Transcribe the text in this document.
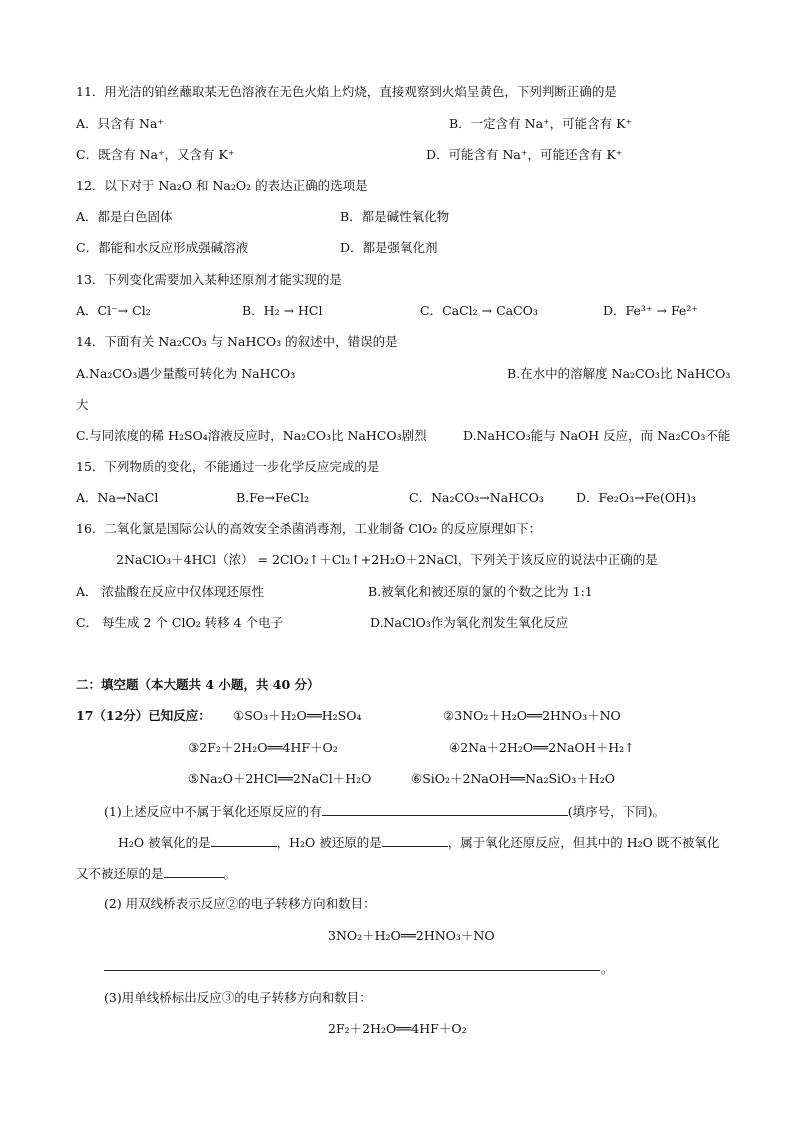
11．用光洁的铂丝蘸取某无色溶液在无色火焰上灼烧，直接观察到火焰呈黄色，下列判断正确的是
A．只含有 Na⁺	B．一定含有 Na⁺，可能含有 K⁺
C．既含有 Na⁺，又含有 K⁺	D．可能含有 Na⁺，可能还含有 K⁺
12．以下对于 Na₂O 和 Na₂O₂ 的表达正确的选项是
A．都是白色固体	B．都是碱性氧化物
C．都能和水反应形成强碱溶液	D．都是强氧化剂
13．下列变化需要加入某种还原剂才能实现的是
A．Cl⁻→ Cl₂	B．H₂ → HCl	C．CaCl₂ → CaCO₃	D．Fe³⁺ → Fe²⁺
14．下面有关 Na₂CO₃ 与 NaHCO₃ 的叙述中，错误的是
A.Na₂CO₃遇少量酸可转化为 NaHCO₃	B.在水中的溶解度 Na₂CO₃比 NaHCO₃
大
C.与同浓度的稀 H₂SO₄溶液反应时，Na₂CO₃比 NaHCO₃剧烈	D.NaHCO₃能与 NaOH 反应，而 Na₂CO₃不能
15．下列物质的变化，不能通过一步化学反应完成的是
A．Na→NaCl	B.Fe→FeCl₂	C．Na₂CO₃→NaHCO₃	D．Fe₂O₃→Fe(OH)₃
16．二氧化氯是国际公认的高效安全杀菌消毒剂，工业制备 ClO₂ 的反应原理如下：
2NaClO₃＋4HCl（浓） = 2ClO₂↑＋Cl₂↑+2H₂O＋2NaCl，下列关于该反应的说法中正确的是
A． 浓盐酸在反应中仅体现还原性	B.被氧化和被还原的氯的个数之比为 1:1
C． 每生成 2 个 ClO₂ 转移 4 个电子	D.NaClO₃作为氧化剂发生氧化反应
二：填空题（本大题共 4 小题，共 40 分）
17（12分）已知反应： ①SO₃＋H₂O══H₂SO₄	②3NO₂＋H₂O══2HNO₃＋NO
③2F₂＋2H₂O══4HF＋O₂	④2Na＋2H₂O══2NaOH＋H₂↑
⑤Na₂O＋2HCl══2NaCl＋H₂O	⑥SiO₂＋2NaOH══Na₂SiO₃＋H₂O
(1)上述反应中不属于氧化还原反应的有	(填序号，下同)。
H₂O 被氧化的是	，H₂O 被还原的是	，属于氧化还原反应，但其中的 H₂O 既不被氧化
又不被还原的是	。
(2) 用双线桥表示反应②的电子转移方向和数目：
3NO₂＋H₂O══2HNO₃＋NO
。
(3)用单线桥标出反应③的电子转移方向和数目：
2F₂＋2H₂O══4HF＋O₂
